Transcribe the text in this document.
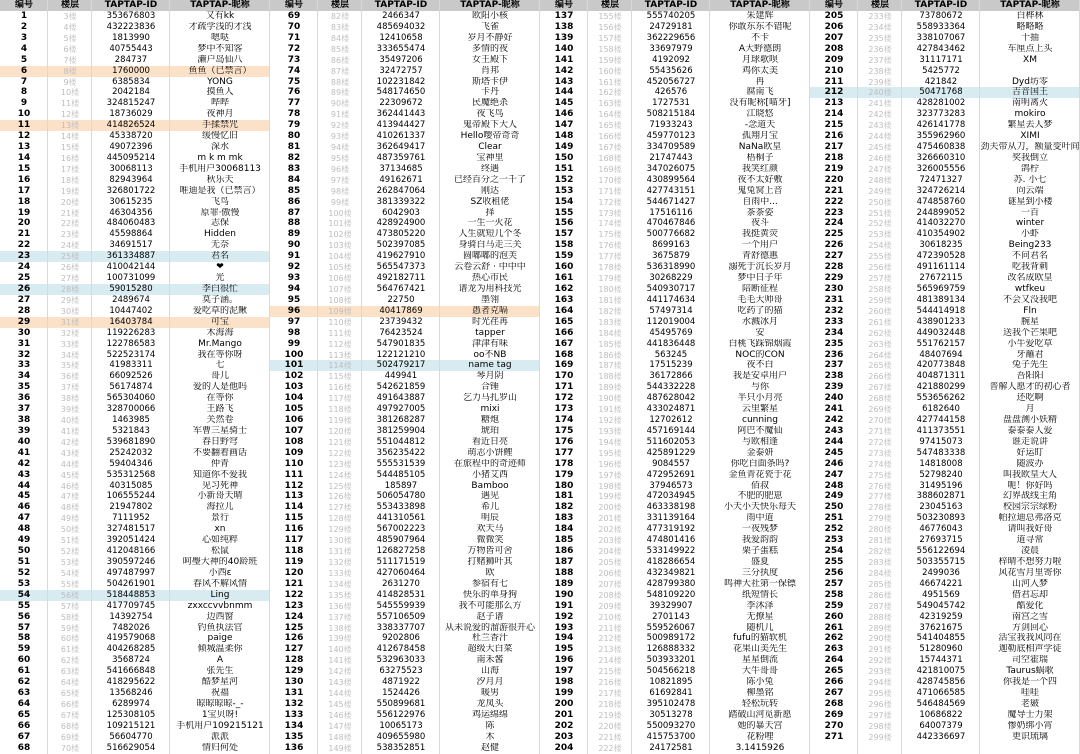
编号	楼层	TAPTAP-ID	TAPTAP-昵称
1	3楼	353676803	又有kk
2	4楼	432223836	才疏学浅的才浅
3	5楼	1813990	嗯哒
4	6楼	40755443	梦中不知客
5	7楼	284737	濑户岛仙八
6	8楼	1760000	鱼鱼（已禁言）
7	9楼	6385834	YONG
8	10楼	2042184	摸鱼人
9	11楼	324815247	哔哔
10	12楼	18736029	夜神月
11	13楼	414826524	手揉禁咒
12	14楼	45338720	缓慢忆旧
13	15楼	49072396	深水
14	16楼	445095214	m k m mk
15	17楼	30068113	手机用户30068113
16	18楼	82943964	秋乐天
17	19楼	326801722	唯迪是我（已禁言）
18	20楼	30615235	飞鸟
19	21楼	46304356	原罪·傲慢
20	22楼	484060483	志保
21	23楼	45598864	Hidden
22	24楼	34691517	无奈
23	25楼	361334887	君名
24	26楼	410042144	❤
25	27楼	100731099	光
26	28楼	59015280	李白很忙
27	29楼	2489674	莫子涵。
28	30楼	10447402	爱吃草的泥鳅
29	31楼	16403784	可宝
30	32楼	119226283	木海海
31	33楼	122786583	Mr.Mango
32	34楼	522523174	我在等你呀
33	35楼	41983311	七
34	36楼	66092526	哥几
35	37楼	56174874	爱的人是他吗
36	38楼	565304060	在等你
37	39楼	328700066	王路飞
38	40楼	1463985	关然卷
39	41楼	5321843	军曹三星骑士
40	42楼	539681890	春日野穹
41	43楼	25242032	不要翻着画话
42	44楼	59404346	仲青
43	45楼	535312568	知道你不爱我
44	46楼	40315085	见习死神
45	47楼	106555244	小新哥天晴
46	48楼	21947802	海拉儿
47	49楼	7111952	景行
48	50楼	327481517	xn
49	51楼	392051424	心如纯粹
50	52楼	412048166	松鼠
51	53楼	390597246	呵璺大神的40龄班
52	54楼	497487997	小西ε
53	55楼	504261901	春风不解风情
54	56楼	518448853	Ling
55	57楼	417709745	zxxccvvbnmm
56	58楼	14392754	边西窗
57	59楼	7482026	钓鱼执法官
58	60楼	419579068	paige
59	61楼	404268285	倾城温柔你
60	62楼	3568724	A
61	63楼	541666848	张先生
62	64楼	418295622	酷梦星河
63	65楼	13568246	祝福
64	66楼	6289974	晾晾晾晾-_-
65	67楼	125308105	1宝贝呀!
66	68楼	109215121	手机用户109215121
67	69楼	56604770	派派
68	70楼	516629054	情归何处
编号	楼层	TAPTAP-ID	TAPTAP-昵称
69	82楼	2466347	欧阳小核
70	83楼	485694032	飞雀
71	84楼	12410658	岁月不静好
72	85楼	333655474	多情的夜
73	86楼	35497206	女王殿下
74	87楼	32472757	肖邦
75	88楼	102231842	斯塔卡伊
76	89楼	548174650	卡丹
77	90楼	22309672	民魔绝杀
78	91楼	362441443	夜飞鸟
79	92楼	413944427	鬼帝殿下大人
80	93楼	410261337	Hello嘤帝奇奇
81	94楼	362649417	Clear
82	95楼	487359761	宝神里
83	96楼	37134685	终遇
84	97楼	49162671	已经百分之一千了
85	98楼	262847064	刚达
86	99楼	381339322	SZ收租佬
87	100楼	6042903	择
88	101楼	428924900	一生一火花
89	102楼	473805220	人生就短几个冬
90	103楼	502397085	身骑白马走三关
91	104楼	419627910	圆嘟嘟的泡芙
92	105楼	565547373	云卷云舒 · 中中中
93	106楼	492182711	热心市民
94	107楼	564767421	谱龙为用科技光
95	108楼	22750	墨翎
96	109楼	40417869	愚者克嗝
97	110楼	23739432	时光荏苒
98	111楼	76423524	tapper
99	112楼	547901835	津津有味
100	113楼	122121210	oo不NB
101	114楼	502479217	name tag
102	115楼	449941	琴月阴
103	116楼	542621859	合锤
104	117楼	491643887	乞力马扎罗山
105	118楼	497927005	mixi
106	119楼	381268287	糖炮
107	120楼	381259904	琥珀
108	121楼	551044812	看近日亮
109	122楼	356235422	萌志小饼鲤
110	123楼	555531539	在旅程中的奇迹师
111	124楼	544485105	小猪艾西
112	125楼	185897	Bamboo
113	126楼	506054780	遇见
114	127楼	553433898	希儿
115	128楼	441310561	明辰
116	129楼	567002223	欢天马
117	130楼	485907964	微微笑
118	131楼	126827258	万物皆可舍
119	132楼	511171519	打赌狮叶其
120	133楼	427060464	欧
121	134楼	2631270	参宿有七
122	135楼	414828531	快乐的单身狗
123	136楼	545559939	我不可能那么方
124	137楼	557106509	赵子谱
125	138楼	338337707	从未说爱的溜游很开心
126	139楼	9202806	杜兰香汁
127	140楼	412678458	超级大白菜
128	141楼	532963033	南禾酱
129	142楼	63275523	山海
130	143楼	4871922	汐月月
131	144楼	1524426	暖男
132	145楼	550899681	龙凤头
133	146楼	556122976	鸡运绵绵
134	147楼	10065173	陈
135	148楼	409655980	木
136	149楼	538352851	赵健
编号	楼层	TAPTAP-ID	TAPTAP-昵称
137	155楼	555740205	朱建辉
138	156楼	24729181	你敢东东不错呢
139	157楼	362229656	不卡
140	158楼	33697979	A大野德朗
141	159楼	4192092	月球歌呗
142	160楼	55435626	鸡你太美
143	161楼	452056727	冉
144	162楼	426576	腐南飞
145	163楼	1727531	没有昵称[喵牙]
146	164楼	508215184	江晓悠
147	165楼	71933243	-念道天
148	166楼	459770123	孤翔月宝
149	167楼	334709589	NaNa欧皇
150	168楼	21747443	梧桐子
151	169楼	347026075	我笑红颜
152	170楼	430899564	夜不太好敷
153	171楼	427743151	鬼兔窝上音
154	172楼	544671427	自雨中...
155	173楼	17516116	茶茶姿
156	174楼	470467846	夜斗
157	175楼	500776682	我挺黄荧
158	176楼	8699163	一个用户
159	177楼	3675879	青舒德惠
160	178楼	536318990	溺死于沉长岁月
161	179楼	30268229	梦中日子年
162	180楼	540930717	陪断征程
163	181楼	441174634	毛毛大帅哥
164	182楼	57497314	吃药了的猫
165	183楼	112019004	水溅冰月
166	184楼	45495769	安
167	185楼	441836448	白桃飞踩锦烟霞
168	186楼	563245	NOC的CON
169	187楼	17515239	夜不白
170	188楼	36172866	我是安卓用户
171	189楼	544332228	与你
172	190楼	487628042	半只小月亮
173	191楼	433024871	云里繁星
174	192楼	12702612	cunning
175	193楼	457169144	阿巴不魔仙
176	194楼	511602053	与欧相逢
177	195楼	425891229	金泰妍
178	196楼	9084557	你吃白面条吗?
179	197楼	472952691	金鱼青花瓷于花
180	198楼	37946573	佰叔
181	199楼	472034945	不肥的肥崽
182	200楼	463338198	小天小天快乐每天
183	201楼	331139164	雨中道
184	202楼	477319192	一夜残梦
185	203楼	474801416	我爱韵韵
186	204楼	533149922	栗子蛋糕
187	205楼	418286654	盛夏
188	206楼	432349821	三分执度
189	207楼	428799380	鸣神大社第一保镖
190	208楼	548109220	纸短情长
191	209楼	39329907	李沐泽
192	210楼	2701143	无撩星
193	211楼	559526067	随机几
194	212楼	500989172	fufu的猫软机
195	213楼	126888332	花果山美先生
196	214楼	503933201	星星倒流
197	215楼	504566218	大牛哥哥
198	216楼	10821895	陈小兔
199	217楼	61692841	柳墨铭
200	218楼	395102478	轻松玩转
201	219楼	30513278	踏破山河觅新愿
202	220楼	550093270	她的暴天宫
203	221楼	415753700	花粉哩
204	222楼	24172581	3.1415926
编号	楼层	TAPTAP-ID	TAPTAP-昵称
205	233楼	73780672	白桦林
206	234楼	558933364	略略略
207	235楼	338107067	十抽
208	236楼	427843462	车厘点上头
209	237楼	31117171	XM
210	238楼	5425772
211	239楼	421842	Dyd坊零
212	240楼	50471768	吉音国王
213	241楼	428281002	南明离火
214	242楼	323773283	mokiro
215	243楼	426141778	繁星去人梦
216	244楼	355962960	XIMI
217	245楼	475460838	劲夫带从刀，额量变叶间
218	246楼	326660310	奖我倒立
219	247楼	326005556	鸽柠
220	248楼	72471327	苏. 小七
221	249楼	324726214	向云端
222	250楼	474858760	谜星到小楼
223	251楼	244899052	一百
224	252楼	414032270	winter
225	253楼	410354902	小虾
226	254楼	30618235	Being233
227	255楼	472390528	不问君名
228	256楼	491161114	吃我背刺
229	257楼	27672115	改名成欧皇
230	258楼	565969759	wtfkeu
231	259楼	481389134	不会又没我吧
232	260楼	544414918	Fln
233	261楼	438901233	腕星
234	262楼	449032448	送我个芒果吧
235	263楼	551762157	小牛爱吃草
236	264楼	48407694	牙蘸君
237	265楼	420773848	兔子先生
238	266楼	404871311	吾阳阳
239	267楼	421880299	普解人愿才的初心者
240	268楼	553656262	还吃啊
241	269楼	6182640	月
242	270楼	427744158	盘盘测小妖精
243	271楼	411373551	泰泰泰人爱
244	272楼	97415073	谁走说讲
245	273楼	547483338	好运盯
246	274楼	14818008	随波办
247	275楼	52798240	叫我欧皇大人
248	276楼	31495196	呃！你好吗
249	277楼	388602871	幻界战线主角
250	278楼	23045163	校园宗宗绿粉
251	279楼	503230893	帕拉迪总弗洛克
252	280楼	46776043	请叫我好哥
253	281楼	27693715	道寻常
254	282楼	556122694	凌晨
255	283楼	503355715	梓晴不想努力啦
256	284楼	2499036	风花雪月里寄你
257	285楼	46674221	山河入梦
258	286楼	4951569	借君忘却
259	287楼	549045742	酷爱化
260	288楼	42319259	南宫之雪
261	289楼	37621675	方剑回心
262	290楼	541404855	活宝我我风同在
263	291楼	51280960	迦勒底相声学徒
264	292楼	15744371	司空霍瑞
265	293楼	421810075	Taurus蜗歌
266	294楼	428745856	你我是一个四
267	295楼	471066585	哇哇
268	296楼	546484569	老皴
269	297楼	10686822	魔导士力架
270	298楼	64007379	惨奶绑小宵
271	299楼	442336697	更识琉璃
